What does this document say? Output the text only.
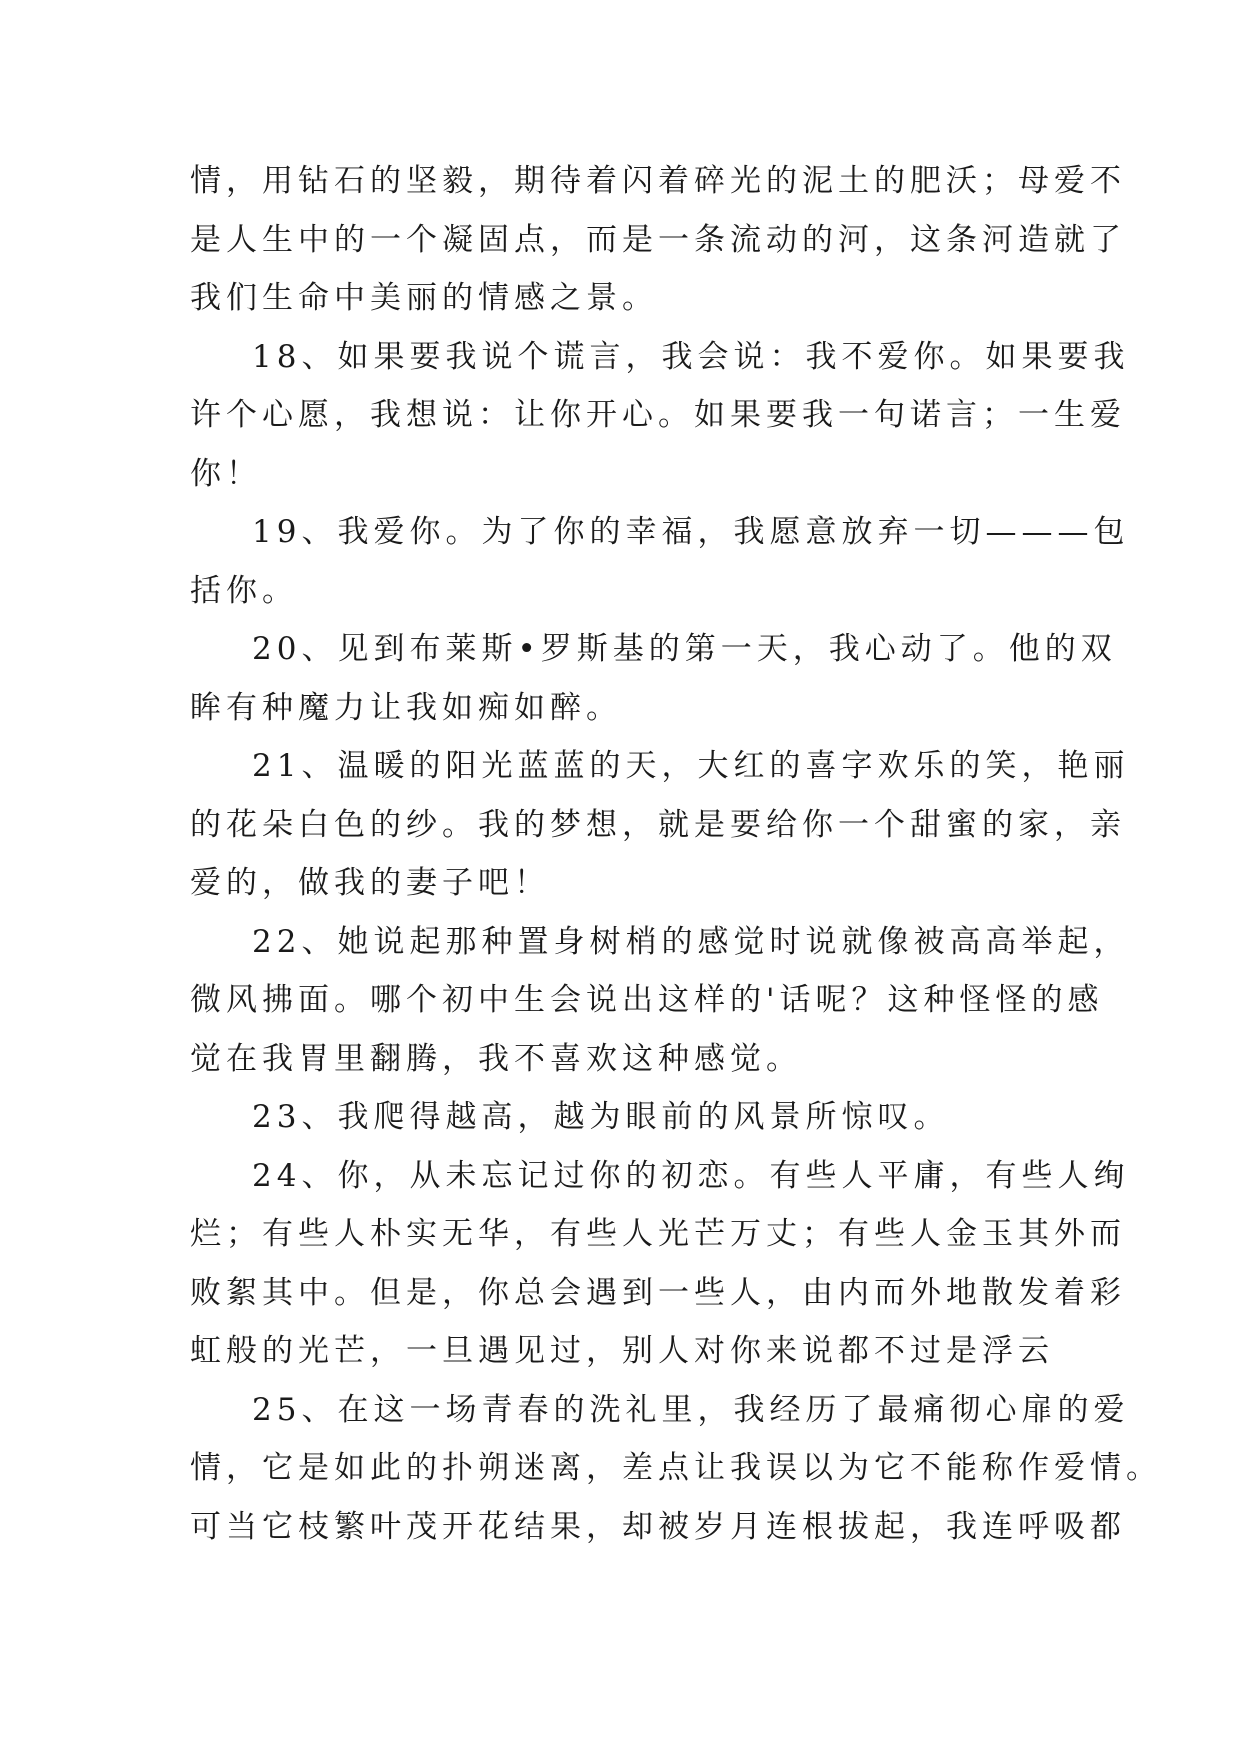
情，用钻石的坚毅，期待着闪着碎光的泥土的肥沃；母爱不
是人生中的一个凝固点，而是一条流动的河，这条河造就了
我们生命中美丽的情感之景。
18、如果要我说个谎言，我会说：我不爱你。如果要我
许个心愿，我想说：让你开心。如果要我一句诺言；一生爱
你！
19、我爱你。为了你的幸福，我愿意放弃一切———包
括你。
20、见到布莱斯•罗斯基的第一天，我心动了。他的双
眸有种魔力让我如痴如醉。
21、温暖的阳光蓝蓝的天，大红的喜字欢乐的笑，艳丽
的花朵白色的纱。我的梦想，就是要给你一个甜蜜的家，亲
爱的，做我的妻子吧！
22、她说起那种置身树梢的感觉时说就像被高高举起，
微风拂面。哪个初中生会说出这样的'话呢？这种怪怪的感
觉在我胃里翻腾，我不喜欢这种感觉。
23、我爬得越高，越为眼前的风景所惊叹。
24、你，从未忘记过你的初恋。有些人平庸，有些人绚
烂；有些人朴实无华，有些人光芒万丈；有些人金玉其外而
败絮其中。但是，你总会遇到一些人，由内而外地散发着彩
虹般的光芒，一旦遇见过，别人对你来说都不过是浮云
25、在这一场青春的洗礼里，我经历了最痛彻心扉的爱
情，它是如此的扑朔迷离，差点让我误以为它不能称作爱情。
可当它枝繁叶茂开花结果，却被岁月连根拔起，我连呼吸都
